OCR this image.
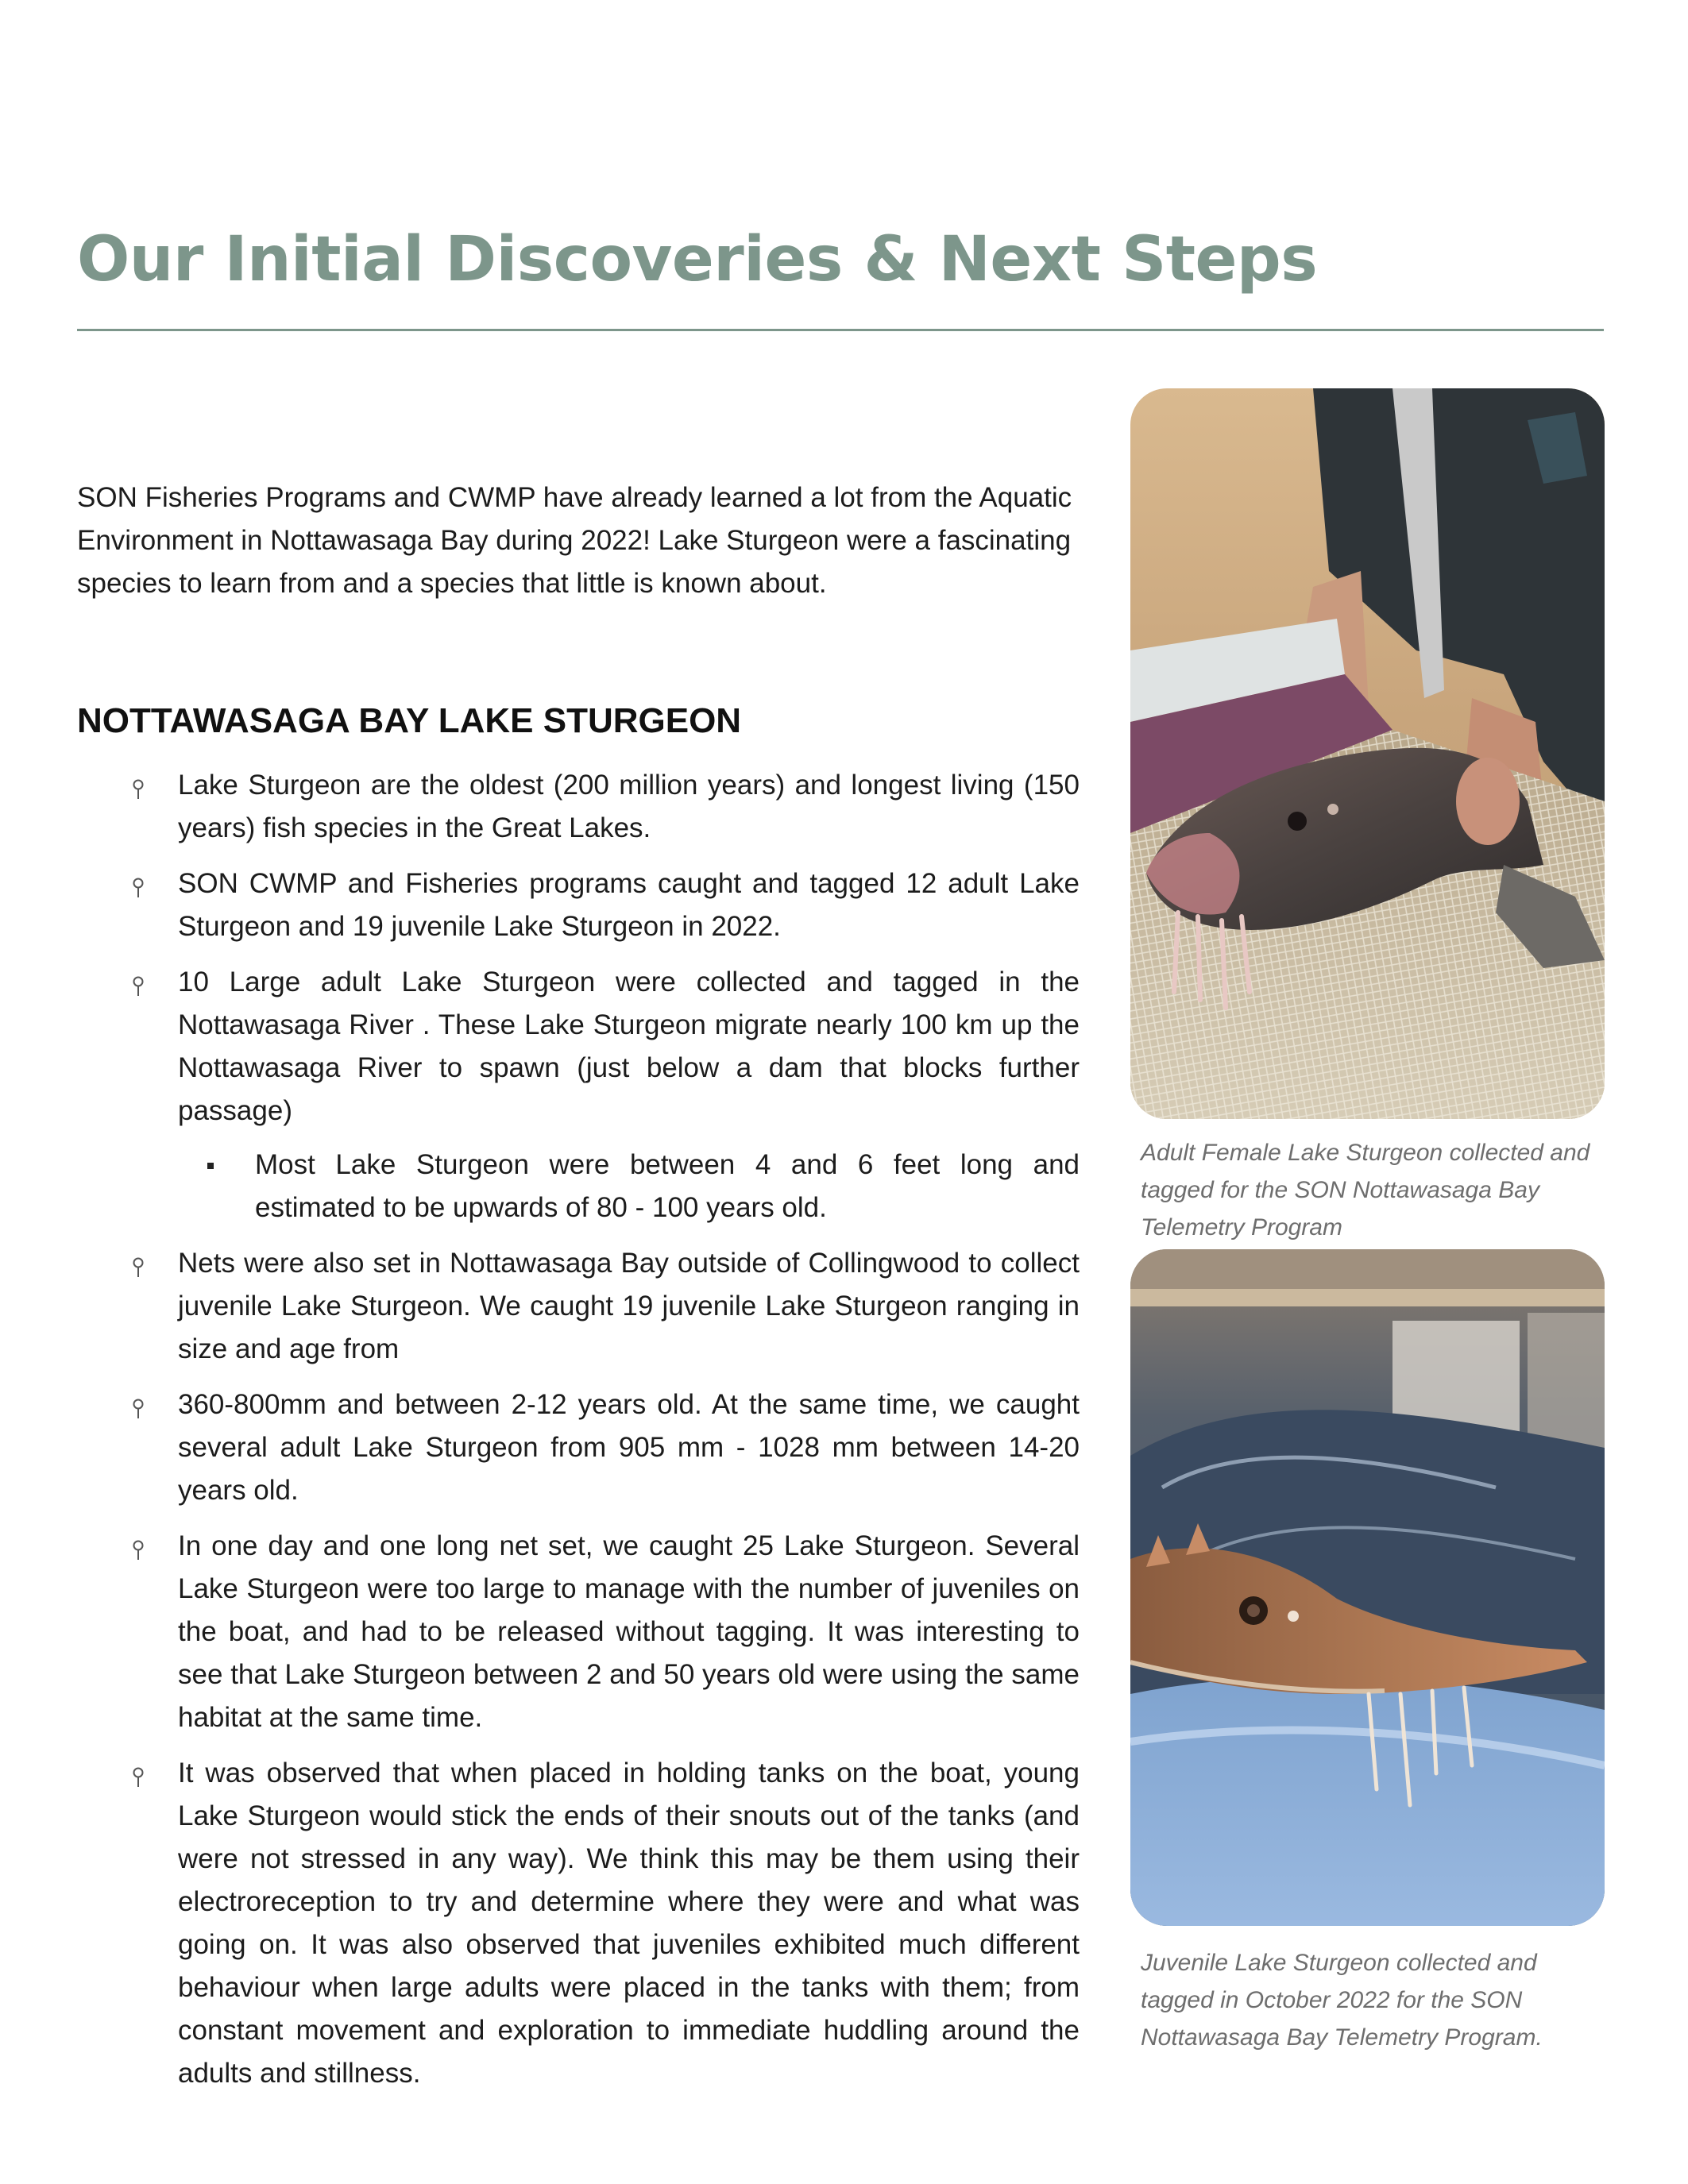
Our Initial Discoveries & Next Steps

SON Fisheries Programs and CWMP have already learned a lot from the Aquatic Environment in Nottawasaga Bay during 2022! Lake Sturgeon were a fascinating species to learn from and a species that little is known about.

NOTTAWASAGA BAY LAKE STURGEON
Lake Sturgeon are the oldest (200 million years) and longest living (150 years) fish species in the Great Lakes.
SON CWMP and Fisheries programs caught and tagged 12 adult Lake Sturgeon and 19 juvenile Lake Sturgeon in 2022.
10 Large adult Lake Sturgeon were collected and tagged in the Nottawasaga River . These Lake Sturgeon migrate nearly 100 km up the Nottawasaga River to spawn (just below a dam that blocks further passage)
Most Lake Sturgeon were between 4 and 6 feet long and estimated to be upwards of 80 - 100 years old.
Nets were also set in Nottawasaga Bay outside of Collingwood to collect juvenile Lake Sturgeon. We caught 19 juvenile Lake Sturgeon ranging in size and age from
360-800mm and between 2-12 years old. At the same time, we caught several adult Lake Sturgeon from 905 mm - 1028 mm between 14-20 years old.
In one day and one long net set, we caught 25 Lake Sturgeon. Several Lake Sturgeon were too large to manage with the number of juveniles on the boat, and had to be released without tagging. It was interesting to see that Lake Sturgeon between 2 and 50 years old were using the same habitat at the same time.
It was observed that when placed in holding tanks on the boat, young Lake Sturgeon would stick the ends of their snouts out of the tanks (and were not stressed in any way). We think this may be them using their electroreception to try and determine where they were and what was going on. It was also observed that juveniles exhibited much different behaviour when large adults were placed in the tanks with them; from constant movement and exploration to immediate huddling around the adults and stillness.

Adult Female Lake Sturgeon collected and tagged for the SON Nottawasaga Bay Telemetry Program

Juvenile Lake Sturgeon collected and tagged in October 2022 for the SON Nottawasaga Bay Telemetry Program.
